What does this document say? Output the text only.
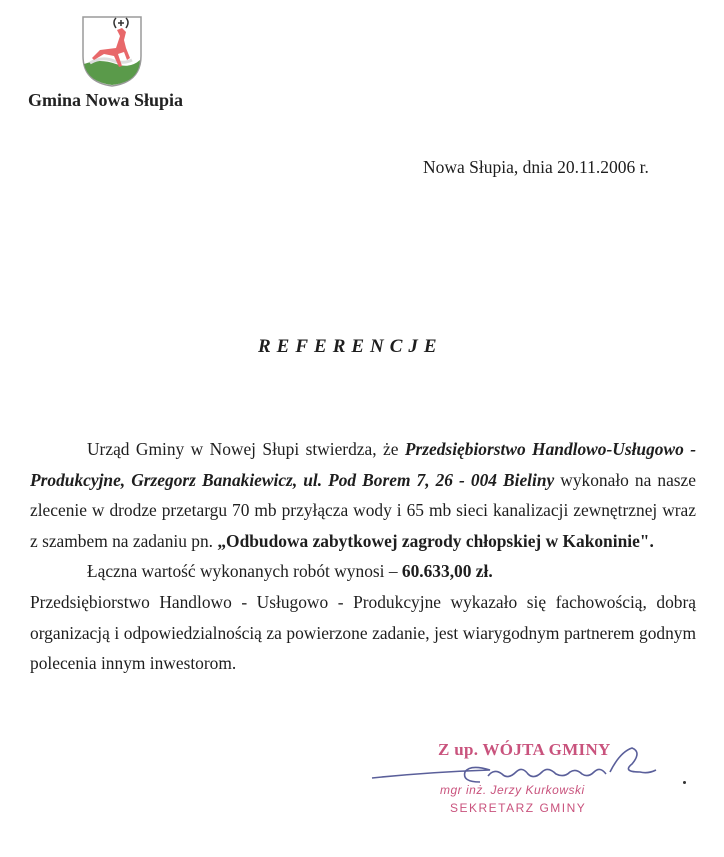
Gmina Nowa Słupia
Nowa Słupia, dnia 20.11.2006 r.
REFERENCJE

Urząd Gminy w Nowej Słupi stwierdza, że Przedsiębiorstwo Handlowo-Usługowo - Produkcyjne, Grzegorz Banakiewicz, ul. Pod Borem 7, 26 - 004 Bieliny wykonało na nasze zlecenie w drodze przetargu 70 mb przyłącza wody i 65 mb sieci kanalizacji zewnętrznej wraz z szambem na zadaniu pn. „Odbudowa zabytkowej zagrody chłopskiej w Kakoninie".

Łączna wartość wykonanych robót wynosi – 60.633,00 zł.

Przedsiębiorstwo Handlowo - Usługowo - Produkcyjne wykazało się fachowością, dobrą organizacją i odpowiedzialnością za powierzone zadanie, jest wiarygodnym partnerem godnym polecenia innym inwestorom.

Z up. WÓJTA GMINY
mgr inż. Jerzy Kurkowski
SEKRETARZ GMINY
